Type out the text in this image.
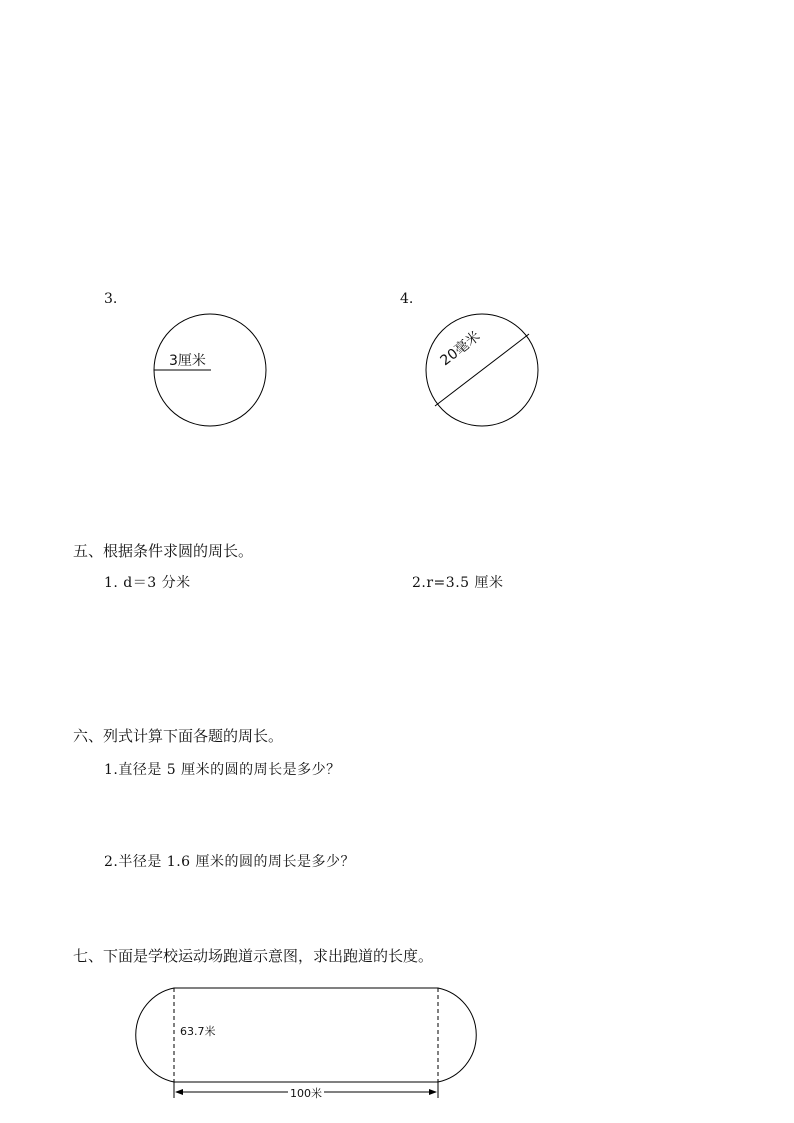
3.
3厘米
4.
20毫米
五、根据条件求圆的周长。
1. d＝3 分米	2.r=3.5 厘米
六、列式计算下面各题的周长。
1.直径是 5 厘米的圆的周长是多少？
2.半径是 1.6 厘米的圆的周长是多少？
七、下面是学校运动场跑道示意图，求出跑道的长度。
63.7米
100米
